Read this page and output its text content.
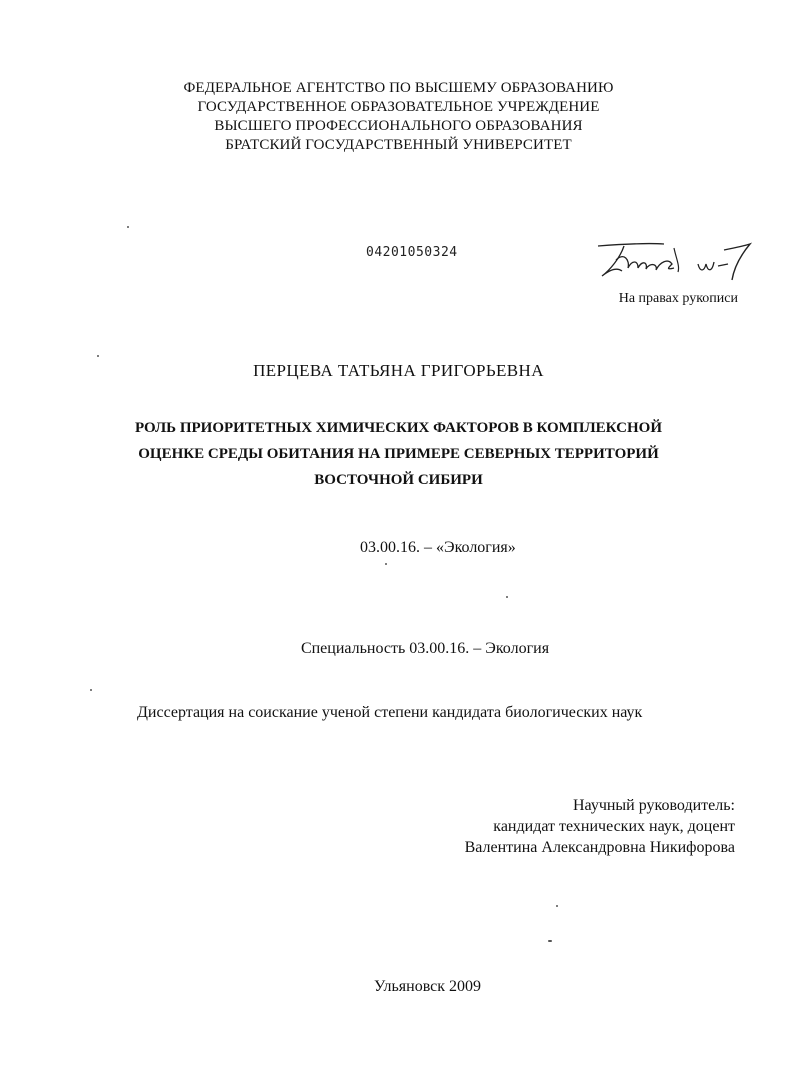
ФЕДЕРАЛЬНОЕ АГЕНТСТВО ПО ВЫСШЕМУ ОБРАЗОВАНИЮ
ГОСУДАРСТВЕННОЕ ОБРАЗОВАТЕЛЬНОЕ УЧРЕЖДЕНИЕ
ВЫСШЕГО ПРОФЕССИОНАЛЬНОГО ОБРАЗОВАНИЯ
БРАТСКИЙ ГОСУДАРСТВЕННЫЙ УНИВЕРСИТЕТ
04201050324
На правах рукописи
ПЕРЦЕВА ТАТЬЯНА ГРИГОРЬЕВНА
РОЛЬ ПРИОРИТЕТНЫХ ХИМИЧЕСКИХ ФАКТОРОВ В КОМПЛЕКСНОЙ
ОЦЕНКЕ СРЕДЫ ОБИТАНИЯ НА ПРИМЕРЕ СЕВЕРНЫХ ТЕРРИТОРИЙ
ВОСТОЧНОЙ СИБИРИ
03.00.16. – «Экология»
Специальность 03.00.16. – Экология
Диссертация на соискание ученой степени кандидата биологических наук
Научный руководитель:
кандидат технических наук, доцент
Валентина Александровна Никифорова
Ульяновск 2009
